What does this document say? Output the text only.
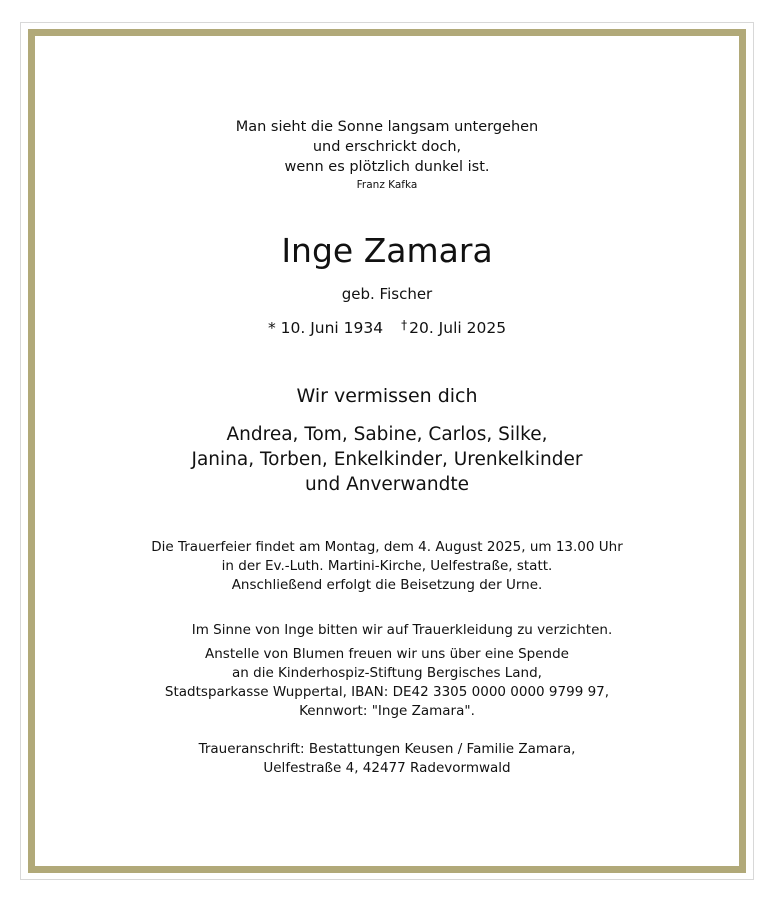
Man sieht die Sonne langsam untergehen
und erschrickt doch,
wenn es plötzlich dunkel ist.
Franz Kafka
Inge Zamara
geb. Fischer
* 10. Juni 1934 † 20. Juli 2025
Wir vermissen dich
Andrea, Tom, Sabine, Carlos, Silke,
Janina, Torben, Enkelkinder, Urenkelkinder
und Anverwandte
Die Trauerfeier findet am Montag, dem 4. August 2025, um 13.00 Uhr
in der Ev.-Luth. Martini-Kirche, Uelfestraße, statt.
Anschließend erfolgt die Beisetzung der Urne.
Im Sinne von Inge bitten wir auf Trauerkleidung zu verzichten.
Anstelle von Blumen freuen wir uns über eine Spende
an die Kinderhospiz-Stiftung Bergisches Land,
Stadtsparkasse Wuppertal, IBAN: DE42 3305 0000 0000 9799 97,
Kennwort: "Inge Zamara".
Traueranschrift: Bestattungen Keusen / Familie Zamara,
Uelfestraße 4, 42477 Radevormwald
